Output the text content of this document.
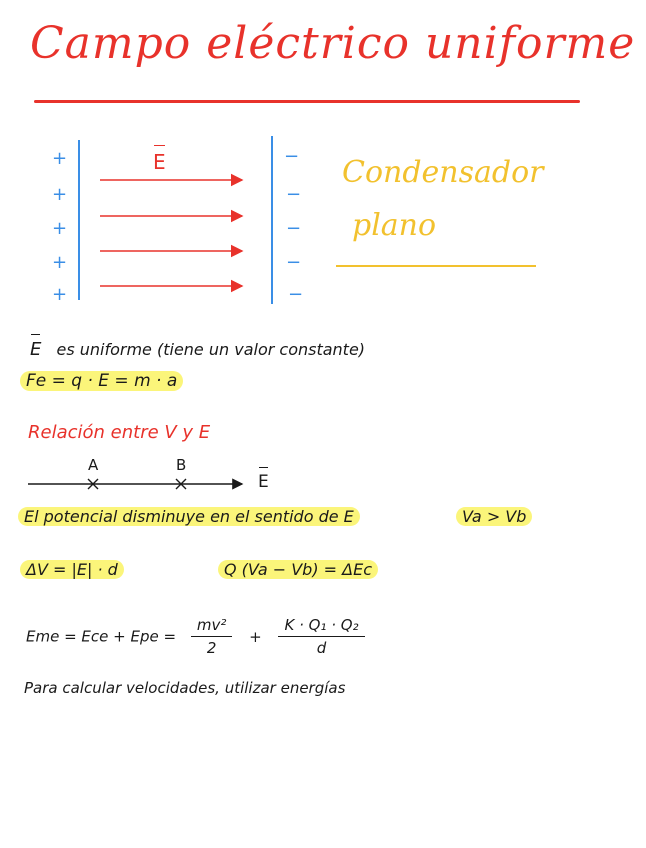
Campo eléctrico uniforme
+
+
+
+
+
−
−
−
−
−
E	Condensador
plano
E es uniforme (tiene un valor constante)
Fe = q · E = m · a
Relación entre V y E
A	B
E
El potencial disminuye en el sentido de E	Va > Vb
ΔV = |E| · d	Q (Va − Vb) = ΔEc
Eme = Ece + Epe = $\frac{\text{mv²}}{2} + \frac{\text{K · Q₁ · Q₂}}{d}$
Para calcular velocidades, utilizar energías
